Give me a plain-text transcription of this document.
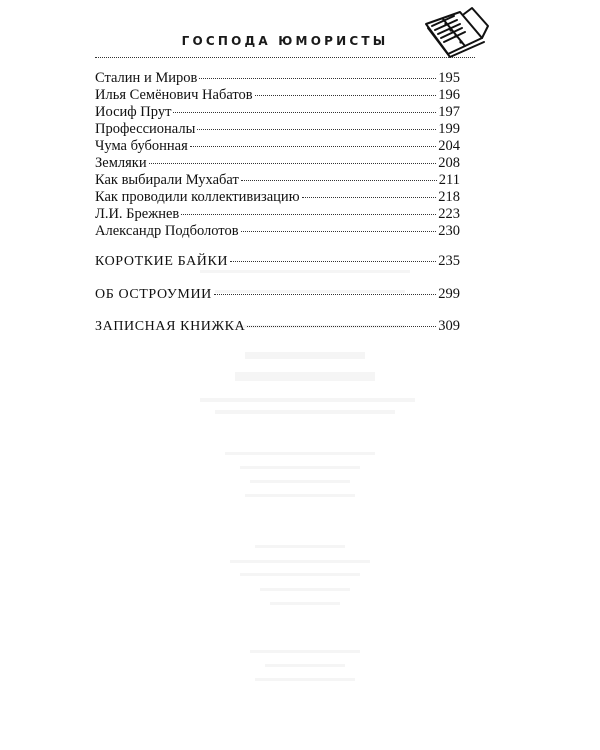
ГОСПОДА ЮМОРИСТЫ
Сталин и Миров	195
Илья Семёнович Набатов	196
Иосиф Прут	197
Профессионалы	199
Чума бубонная	204
Земляки	208
Как выбирали Мухабат	211
Как проводили коллективизацию	218
Л.И. Брежнев	223
Александр Подболотов	230
КОРОТКИЕ БАЙКИ	235
ОБ ОСТРОУМИИ	299
ЗАПИСНАЯ КНИЖКА	309
